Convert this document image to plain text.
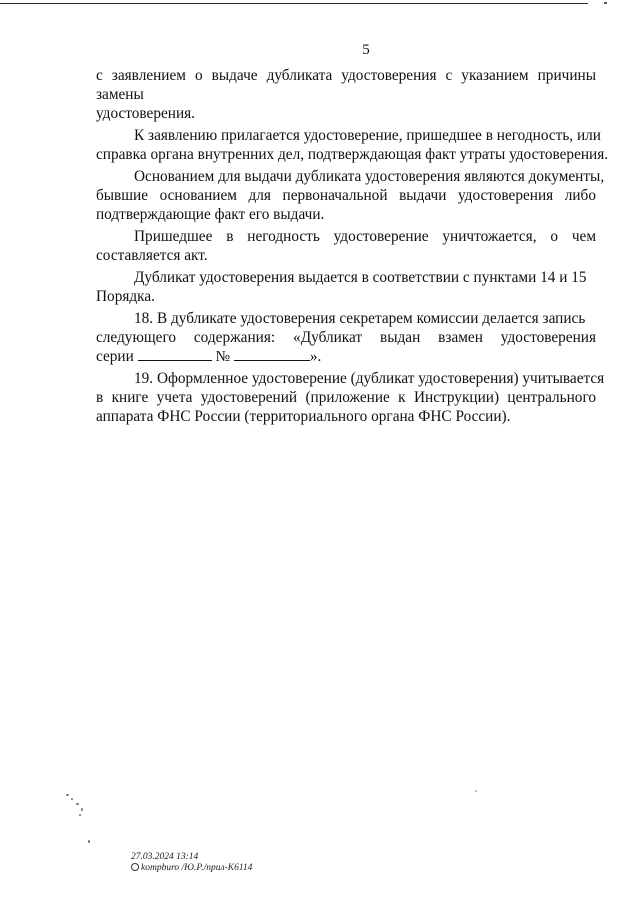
5

с заявлением о выдаче дубликата удостоверения с указанием причины замены
удостоверения.

К заявлению прилагается удостоверение, пришедшее в негодность, или
справка органа внутренних дел, подтверждающая факт утраты удостоверения.

Основанием для выдачи дубликата удостоверения являются документы,
бывшие основанием для первоначальной выдачи удостоверения либо
подтверждающие факт его выдачи.

Пришедшее в негодность удостоверение уничтожается, о чем
составляется акт.

Дубликат удостоверения выдается в соответствии с пунктами 14 и 15
Порядка.

18. В дубликате удостоверения секретарем комиссии делается запись
следующего содержания: «Дубликат выдан взамен удостоверения
серии	№	».

19. Оформленное удостоверение (дубликат удостоверения) учитывается
в книге учета удостоверений (приложение к Инструкции) центрального
аппарата ФНС России (территориального органа ФНС России).

27.03.2024 13:14
kompburo /Ю.Р./прил-К6114
